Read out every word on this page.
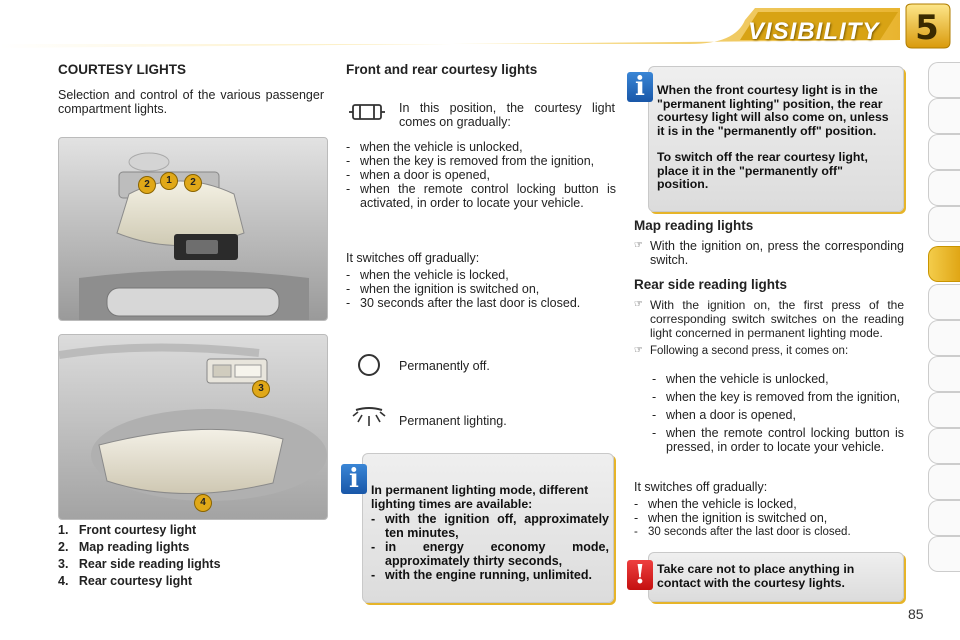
VISIBILITY 5
COURTESY LIGHTS
Selection and control of the various passenger compartment lights.
2	1	2
3
4
1.   Front courtesy light
2.   Map reading lights
3.   Rear side reading lights
4.   Rear courtesy light
Front and rear courtesy lights
In this position, the courtesy light comes on gradually:
- when the vehicle is unlocked,
- when the key is removed from the ignition,
- when a door is opened,
- when the remote control locking button is activated, in order to locate your vehicle.
It switches off gradually:
- when the vehicle is locked,
- when the ignition is switched on,
- 30 seconds after the last door is closed.
Permanently off.
Permanent lighting.
In permanent lighting mode, different lighting times are available:
- with the ignition off, approximately ten minutes,
- in energy economy mode, approximately thirty seconds,
- with the engine running, unlimited.
i
When the front courtesy light is in the "permanent lighting" position, the rear courtesy light will also come on, unless it is in the "permanently off" position.
To switch off the rear courtesy light, place it in the "permanently off" position.
i
Map reading lights
☞ With the ignition on, press the corresponding switch.
Rear side reading lights
☞ With the ignition on, the first press of the corresponding switch switches on the reading light concerned in permanent lighting mode.
☞ Following a second press, it comes on:
- when the vehicle is unlocked,
- when the key is removed from the ignition,
- when a door is opened,
- when the remote control locking button is pressed, in order to locate your vehicle.
It switches off gradually:
- when the vehicle is locked,
- when the ignition is switched on,
- 30 seconds after the last door is closed.
Take care not to place anything in contact with the courtesy lights.
!
85
